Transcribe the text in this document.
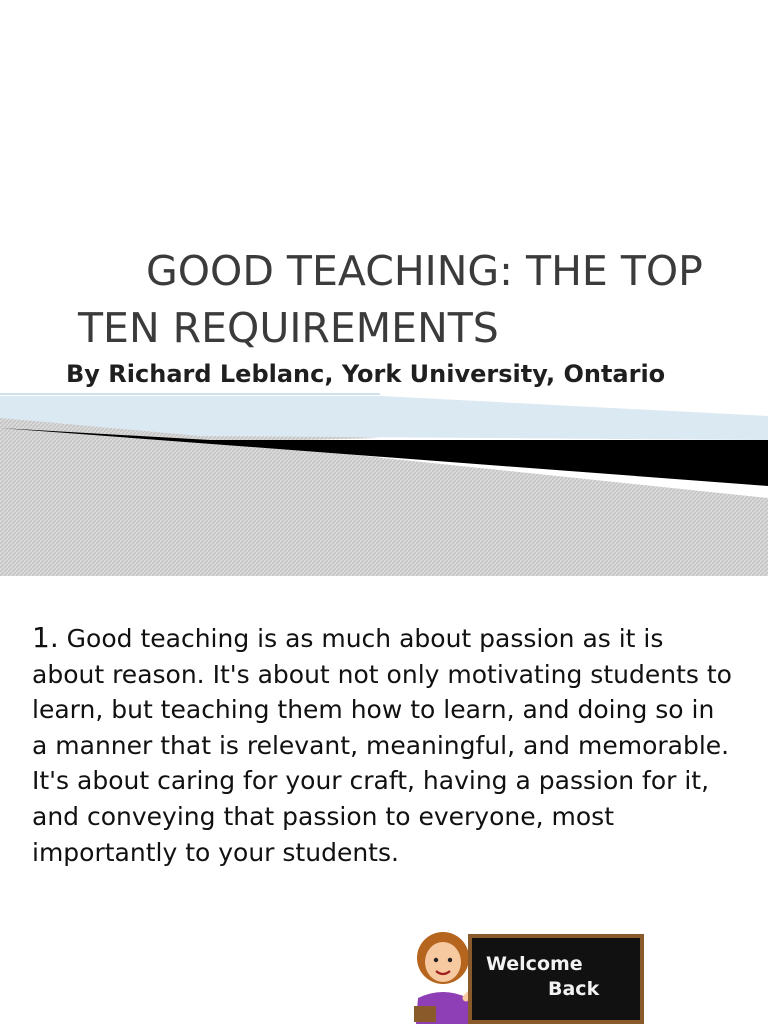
GOOD TEACHING: THE TOP TEN REQUIREMENTS

By Richard Leblanc, York University, Ontario

1. Good teaching is as much about passion as it is about reason. It's about not only motivating students to learn, but teaching them how to learn, and doing so in a manner that is relevant, meaningful, and memorable. It's about caring for your craft, having a passion for it, and conveying that passion to everyone, most importantly to your students.
Welcome
Back
